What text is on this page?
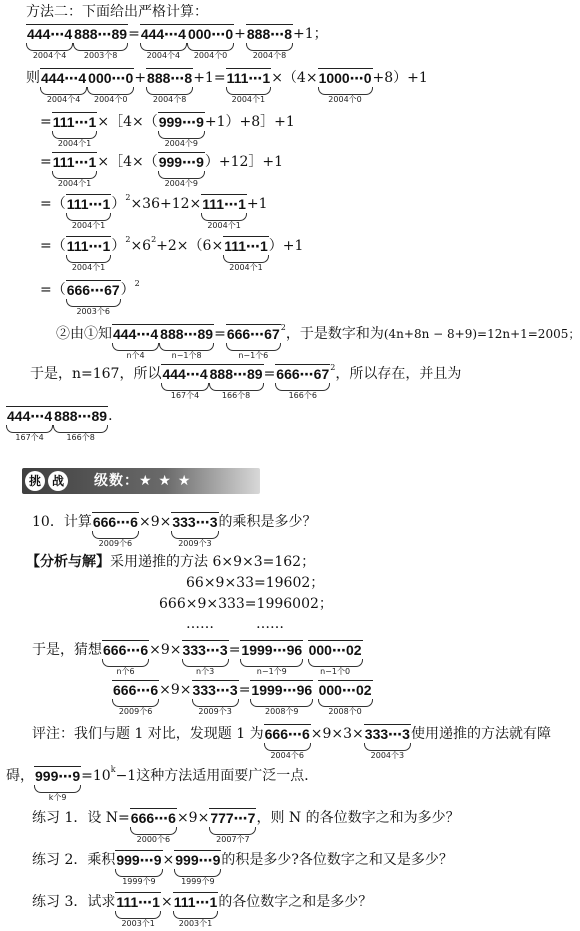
方法二：下面给出严格计算：
444⋯4
2004个4
888⋯89
2003个8
=444⋯4
2004个4
000⋯0
2004个0
+888⋯8
2004个8
+1；
则444⋯4
2004个4
000⋯0
2004个0
+888⋯8
2004个8
+1=111⋯1
2004个1
×（4×1000⋯0
2004个0
+8）+1
=111⋯1
2004个1
×［4×（999⋯9
2004个9
+1）+8］+1
=111⋯1
2004个1
×［4×（999⋯9
2004个9
）+12］+1
=（111⋯1
2004个1
）$^2$×36+12×111⋯1
2004个1
+1
=（111⋯1
2004个1
）$^2\times 6^2+2\times(6\times 111\cdots 1$
2004个1
）+1
=（666⋯67
2003个6
）$^2$
②由①知444⋯4
n个4
888⋯89
n−1个8
=666⋯67
n−1个6
$^2$，于是数字和为(4n+8n − 8+9)=12n+1=2005；
于是，n=167，所以444⋯4
167个4
888⋯89
166个8
=666⋯67
166个6
$^2$，所以存在，并且为
444⋯4
167个4
888⋯89
166个8
．
挑 战 级数：★ ★ ★
10．计算666⋯6
2009个6
×9×333⋯3
2009个3
的乘积是多少？
【分析与解】采用递推的方法 6×9×3=162；
66×9×33=19602；
666×9×333=1996002；
……	……
于是，猜想666⋯6
n个6
×9×333⋯3
n个3
=1999⋯96
n−1个9
000⋯02
n−1个0
666⋯6
2009个6
×9×333⋯3
2009个3
=1999⋯96
2008个9
000⋯02
2008个0
评注：我们与题 1 对比，发现题 1 为666⋯6
2004个6
×9×3×333⋯3
2004个3
使用递推的方法就有障
碍，999⋯9
k个9
$=10^k-1$这种方法适用面要广泛一点．
练习 1．设 N=666⋯6
2000个6
×9×777⋯7
2007个7
，则 N 的各位数字之和为多少？
练习 2．乘积999⋯9
1999个9
×999⋯9
1999个9
的积是多少?各位数字之和又是多少？
练习 3．试求111⋯1
2003个1
×111⋯1
2003个1
的各位数字之和是多少？
